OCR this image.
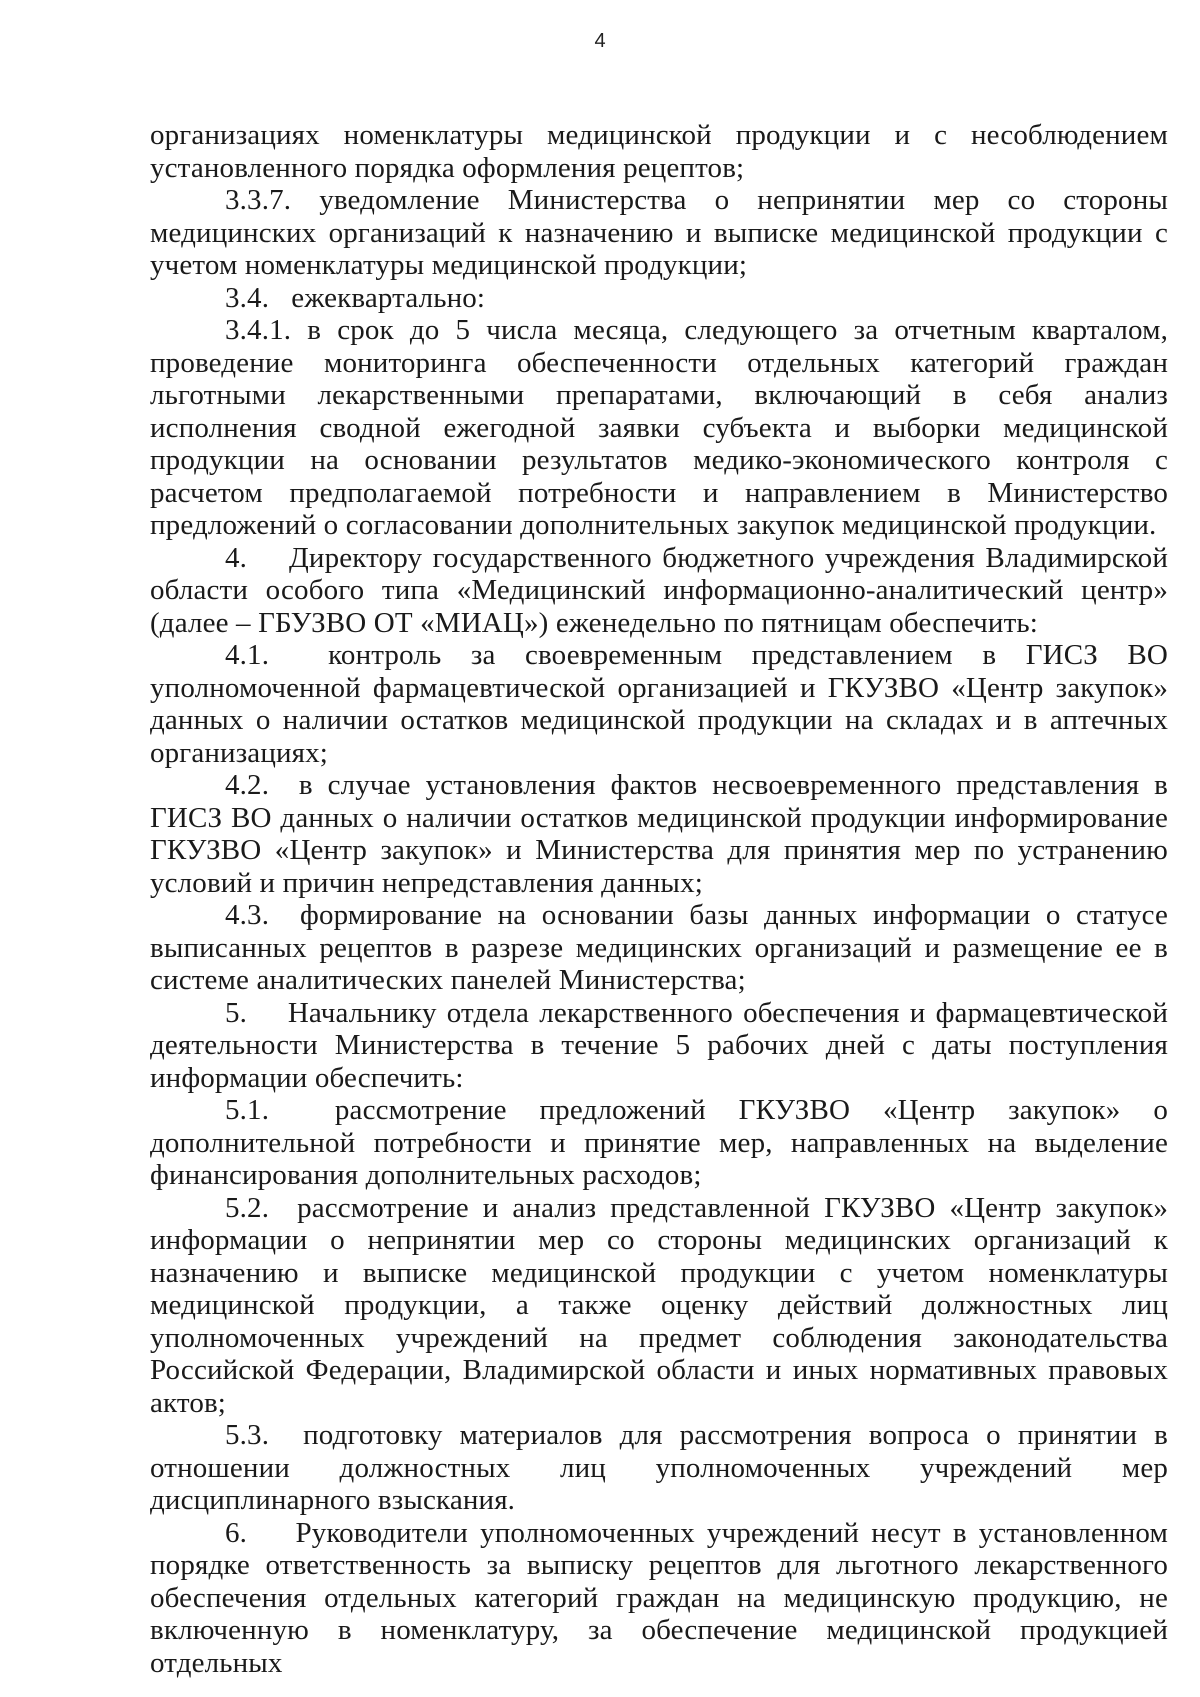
4

организациях номенклатуры медицинской продукции и с несоблюдением установленного порядка оформления рецептов;

3.3.7. уведомление Министерства о непринятии мер со стороны медицинских организаций к назначению и выписке медицинской продукции с учетом номенклатуры медицинской продукции;

3.4.   ежеквартально:

3.4.1. в срок до 5 числа месяца, следующего за отчетным кварталом, проведение мониторинга обеспеченности отдельных категорий граждан льготными лекарственными препаратами, включающий в себя анализ исполнения сводной ежегодной заявки субъекта и выборки медицинской продукции на основании результатов медико-экономического контроля с расчетом предполагаемой потребности и направлением в Министерство предложений о согласовании дополнительных закупок медицинской продукции.

4.    Директору государственного бюджетного учреждения Владимирской области особого типа «Медицинский информационно-аналитический центр» (далее – ГБУЗВО ОТ «МИАЦ») еженедельно по пятницам обеспечить:

4.1.  контроль за своевременным представлением в ГИСЗ ВО уполномоченной фармацевтической организацией и ГКУЗВО «Центр закупок» данных о наличии остатков медицинской продукции на складах и в аптечных организациях;

4.2.  в случае установления фактов несвоевременного представления в ГИСЗ ВО данных о наличии остатков медицинской продукции информирование ГКУЗВО «Центр закупок» и Министерства для принятия мер по устранению условий и причин непредставления данных;

4.3.  формирование на основании базы данных информации о статусе выписанных рецептов в разрезе медицинских организаций и размещение ее в системе аналитических панелей Министерства;

5.    Начальнику отдела лекарственного обеспечения и фармацевтической деятельности Министерства в течение 5 рабочих дней с даты поступления информации обеспечить:

5.1.  рассмотрение предложений ГКУЗВО «Центр закупок» о дополнительной потребности и принятие мер, направленных на выделение финансирования дополнительных расходов;

5.2.  рассмотрение и анализ представленной ГКУЗВО «Центр закупок» информации о непринятии мер со стороны медицинских организаций к назначению и выписке медицинской продукции с учетом номенклатуры медицинской продукции, а также оценку действий должностных лиц уполномоченных учреждений на предмет соблюдения законодательства Российской Федерации, Владимирской области и иных нормативных правовых актов;

5.3.  подготовку материалов для рассмотрения вопроса о принятии в отношении должностных лиц уполномоченных учреждений мер дисциплинарного взыскания.

6.    Руководители уполномоченных учреждений несут в установленном порядке ответственность за выписку рецептов для льготного лекарственного обеспечения отдельных категорий граждан на медицинскую продукцию, не включенную в номенклатуру, за обеспечение медицинской продукцией отдельных
